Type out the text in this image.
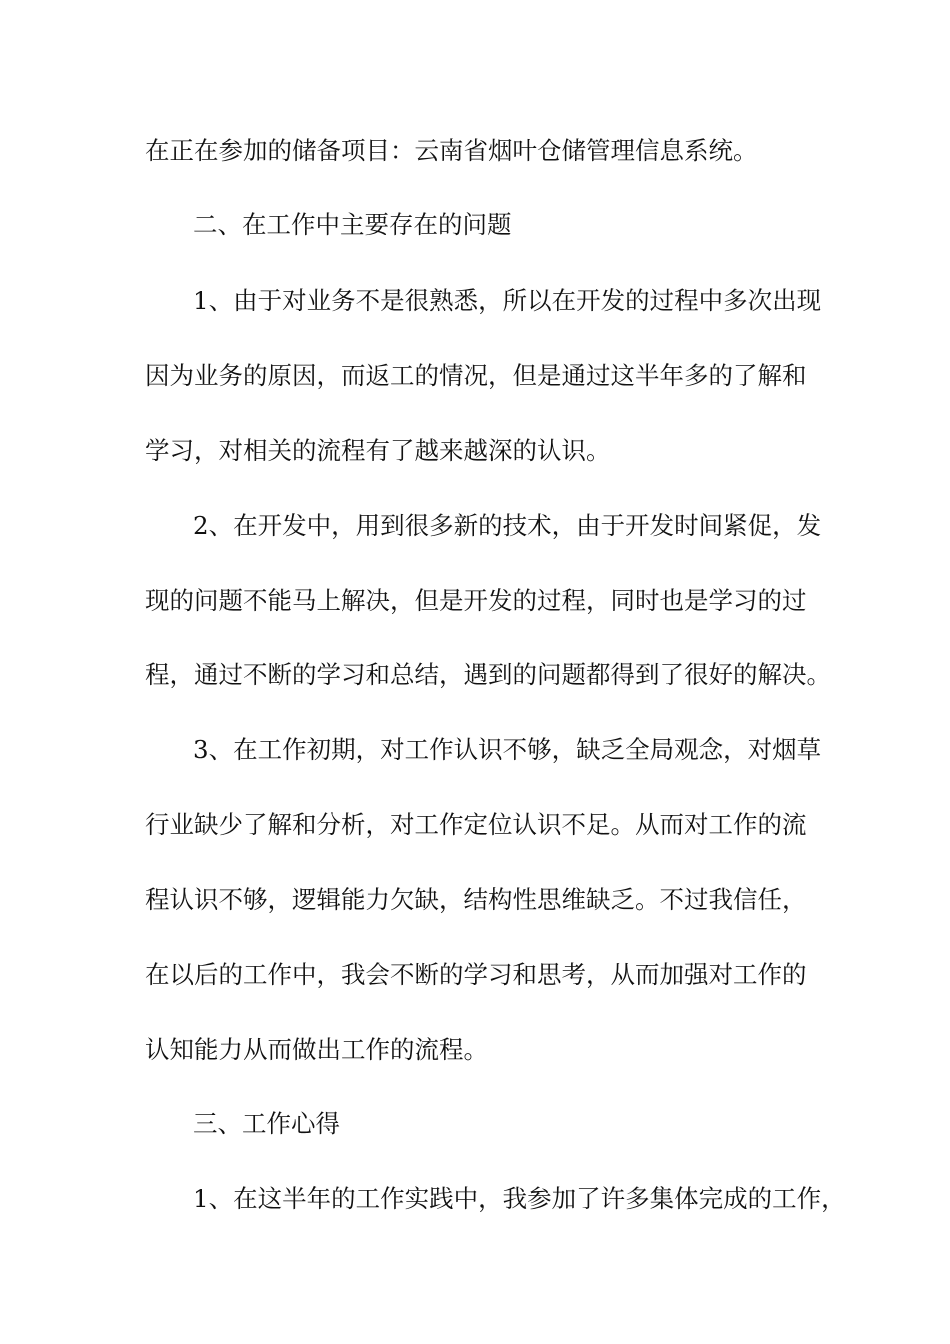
在正在参加的储备项目：云南省烟叶仓储管理信息系统。
二、在工作中主要存在的问题
1、由于对业务不是很熟悉，所以在开发的过程中多次出现
因为业务的原因，而返工的情况，但是通过这半年多的了解和
学习，对相关的流程有了越来越深的认识。
2、在开发中，用到很多新的技术，由于开发时间紧促，发
现的问题不能马上解决，但是开发的过程，同时也是学习的过
程，通过不断的学习和总结，遇到的问题都得到了很好的解决。
3、在工作初期，对工作认识不够，缺乏全局观念，对烟草
行业缺少了解和分析，对工作定位认识不足。从而对工作的流
程认识不够，逻辑能力欠缺，结构性思维缺乏。不过我信任，
在以后的工作中，我会不断的学习和思考，从而加强对工作的
认知能力从而做出工作的流程。
三、工作心得
1、在这半年的工作实践中，我参加了许多集体完成的工作，
